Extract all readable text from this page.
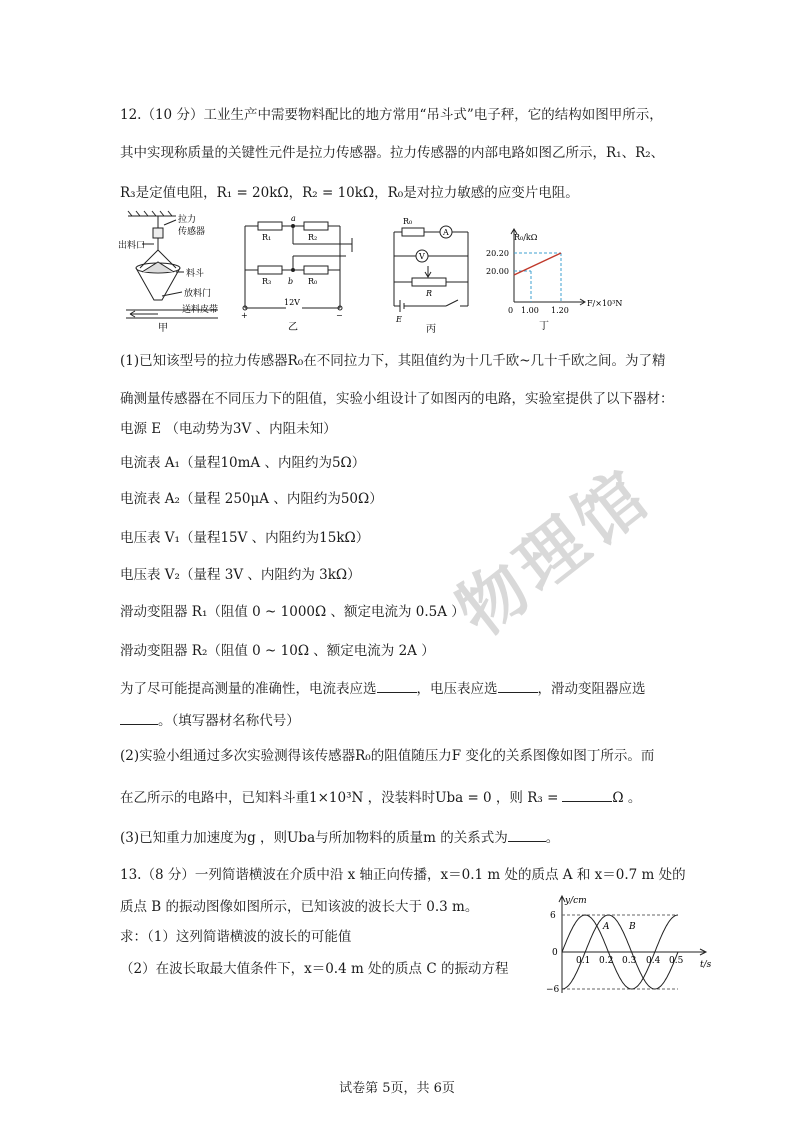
物理馆
12.（10 分）工业生产中需要物料配比的地方常用“吊斗式”电子秤，它的结构如图甲所示，
其中实现称质量的关键性元件是拉力传感器。拉力传感器的内部电路如图乙所示，R₁、R₂、
R₃是定值电阻，R₁ = 20kΩ，R₂ = 10kΩ，R₀是对拉力敏感的应变片电阻。
拉力
传感器
出料口
料斗
放料门
送料皮带
甲
R₁
a
R₂
R₃ b R₀
12V
+	−
乙
R₀
A
V
R
E
丙
R₀/kΩ
20.20
20.00
0 1.00 1.20
F/×10³N
丁
(1)已知该型号的拉力传感器R₀在不同拉力下，其阻值约为十几千欧~几十千欧之间。为了精
确测量传感器在不同压力下的阻值，实验小组设计了如图丙的电路，实验室提供了以下器材：
电源 E （电动势为3V 、内阻未知）
电流表 A₁（量程10mA 、内阻约为5Ω）
电流表 A₂（量程 250μA 、内阻约为50Ω）
电压表 V₁（量程15V 、内阻约为15kΩ）
电压表 V₂（量程 3V 、内阻约为 3kΩ）
滑动变阻器 R₁（阻值 0 ~ 1000Ω 、额定电流为 0.5A ）
滑动变阻器 R₂（阻值 0 ~ 10Ω 、额定电流为 2A ）
为了尽可能提高测量的准确性，电流表应选	，电压表应选	，滑动变阻器应选
。（填写器材名称代号）
(2)实验小组通过多次实验测得该传感器R₀的阻值随压力F 变化的关系图像如图丁所示。而
在乙所示的电路中，已知料斗重1×10³N ，没装料时Uba = 0 ，则 R₃ =	Ω 。
(3)已知重力加速度为g ，则Uba与所加物料的质量m 的关系式为	。
13.（8 分）一列简谐横波在介质中沿 x 轴正向传播，x＝0.1 m 处的质点 A 和 x＝0.7 m 处的
质点 B 的振动图像如图所示，已知该波的波长大于 0.3 m。
求：（1）这列简谐横波的波长的可能值
（2）在波长取最大值条件下，x＝0.4 m 处的质点 C 的振动方程
y/cm
6
0
−6
0.1 0.2 0.3 0.4 0.5 t/s
A B
试卷第 5页，共 6页
